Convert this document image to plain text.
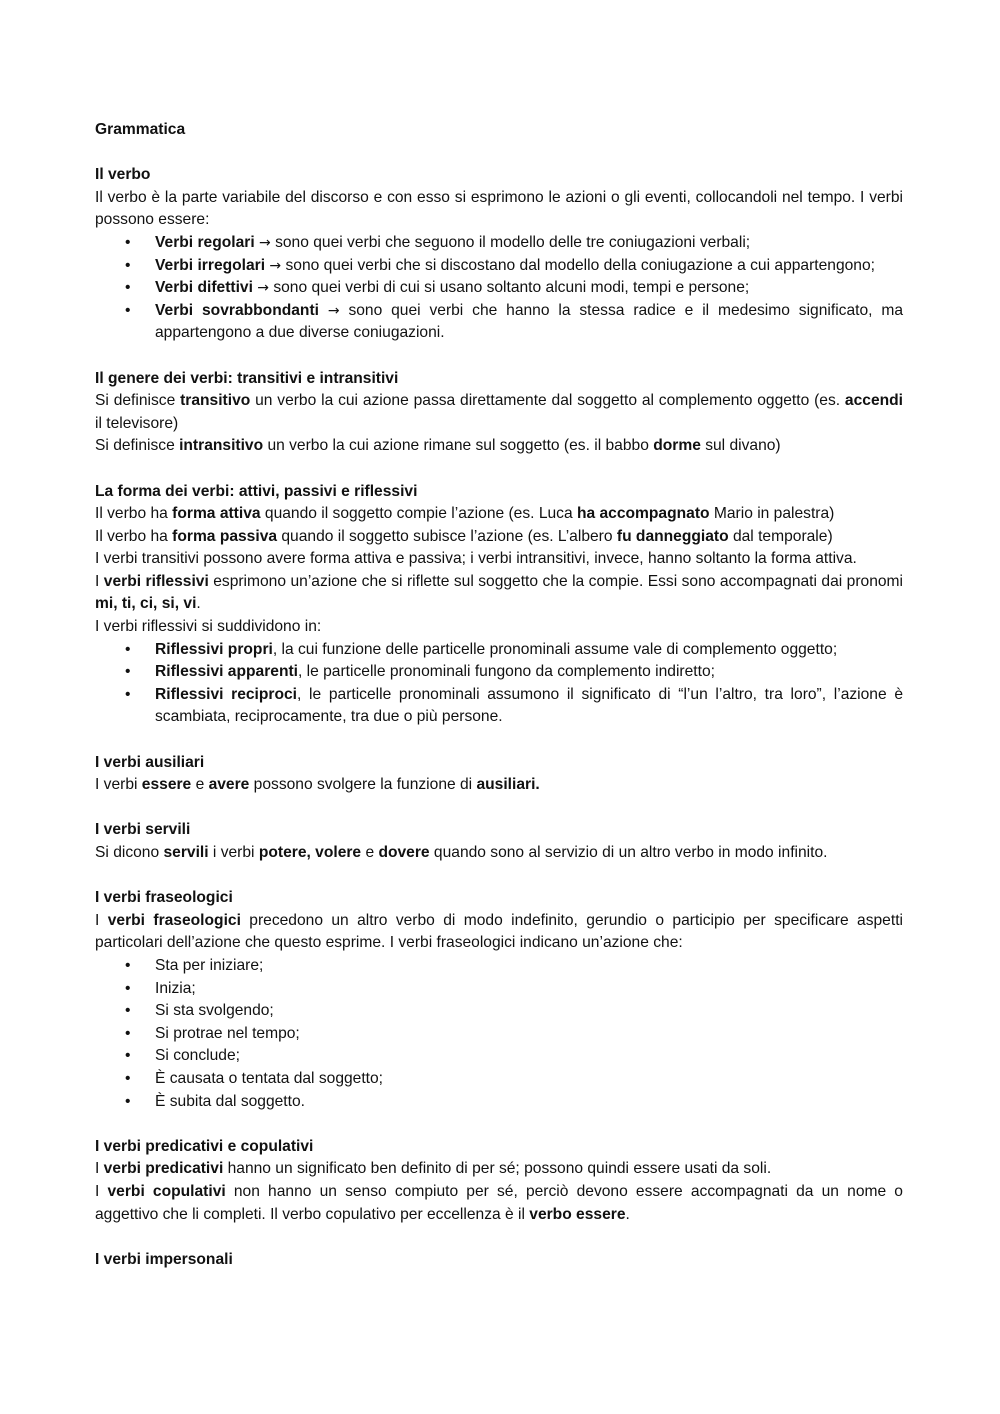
Grammatica

Il verbo

Il verbo è la parte variabile del discorso e con esso si esprimono le azioni o gli eventi, collocandoli nel tempo. I verbi possono essere:

• Verbi regolari → sono quei verbi che seguono il modello delle tre coniugazioni verbali;
• Verbi irregolari → sono quei verbi che si discostano dal modello della coniugazione a cui appartengono;
• Verbi difettivi → sono quei verbi di cui si usano soltanto alcuni modi, tempi e persone;
• Verbi sovrabbondanti → sono quei verbi che hanno la stessa radice e il medesimo significato, ma appartengono a due diverse coniugazioni.

Il genere dei verbi: transitivi e intransitivi

Si definisce transitivo un verbo la cui azione passa direttamente dal soggetto al complemento oggetto (es. accendi il televisore)

Si definisce intransitivo un verbo la cui azione rimane sul soggetto (es. il babbo dorme sul divano)

La forma dei verbi: attivi, passivi e riflessivi

Il verbo ha forma attiva quando il soggetto compie l’azione (es. Luca ha accompagnato Mario in palestra)

Il verbo ha forma passiva quando il soggetto subisce l’azione (es. L’albero fu danneggiato dal temporale)

I verbi transitivi possono avere forma attiva e passiva; i verbi intransitivi, invece, hanno soltanto la forma attiva.

I verbi riflessivi esprimono un’azione che si riflette sul soggetto che la compie. Essi sono accompagnati dai pronomi mi, ti, ci, si, vi.

I verbi riflessivi si suddividono in:

• Riflessivi propri, la cui funzione delle particelle pronominali assume vale di complemento oggetto;
• Riflessivi apparenti, le particelle pronominali fungono da complemento indiretto;
• Riflessivi reciproci, le particelle pronominali assumono il significato di “l’un l’altro, tra loro”, l’azione è scambiata, reciprocamente, tra due o più persone.

I verbi ausiliari

I verbi essere e avere possono svolgere la funzione di ausiliari.

I verbi servili

Si dicono servili i verbi potere, volere e dovere quando sono al servizio di un altro verbo in modo infinito.

I verbi fraseologici

I verbi fraseologici precedono un altro verbo di modo indefinito, gerundio o participio per specificare aspetti particolari dell’azione che questo esprime. I verbi fraseologici indicano un’azione che:

• Sta per iniziare;
• Inizia;
• Si sta svolgendo;
• Si protrae nel tempo;
• Si conclude;
• È causata o tentata dal soggetto;
• È subita dal soggetto.

I verbi predicativi e copulativi

I verbi predicativi hanno un significato ben definito di per sé; possono quindi essere usati da soli.

I verbi copulativi non hanno un senso compiuto per sé, perciò devono essere accompagnati da un nome o aggettivo che li completi. Il verbo copulativo per eccellenza è il verbo essere.

I verbi impersonali
